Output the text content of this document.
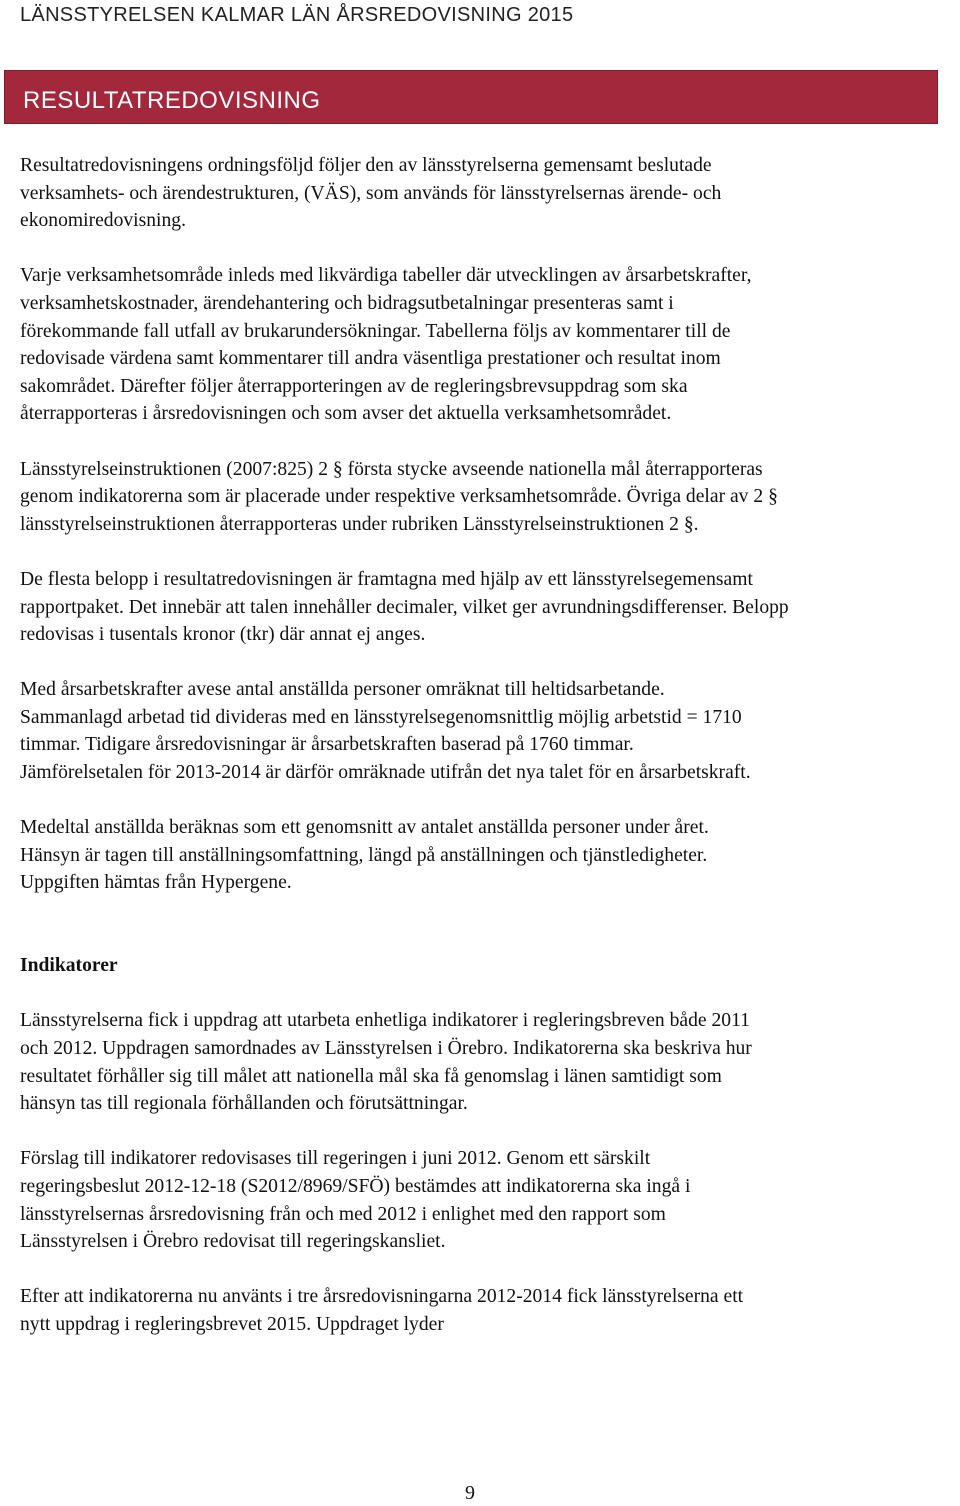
LÄNSSTYRELSEN KALMAR LÄN ÅRSREDOVISNING 2015
RESULTATREDOVISNING

Resultatredovisningens ordningsföljd följer den av länsstyrelserna gemensamt beslutade
verksamhets- och ärendestrukturen, (VÄS), som används för länsstyrelsernas ärende- och
ekonomiredovisning.

Varje verksamhetsområde inleds med likvärdiga tabeller där utvecklingen av årsarbetskrafter,
verksamhetskostnader, ärendehantering och bidragsutbetalningar presenteras samt i
förekommande fall utfall av brukarundersökningar. Tabellerna följs av kommentarer till de
redovisade värdena samt kommentarer till andra väsentliga prestationer och resultat inom
sakområdet. Därefter följer återrapporteringen av de regleringsbrevsuppdrag som ska
återrapporteras i årsredovisningen och som avser det aktuella verksamhetsområdet.

Länsstyrelseinstruktionen (2007:825) 2 § första stycke avseende nationella mål återrapporteras
genom indikatorerna som är placerade under respektive verksamhetsområde. Övriga delar av 2 §
länsstyrelseinstruktionen återrapporteras under rubriken Länsstyrelseinstruktionen 2 §.

De flesta belopp i resultatredovisningen är framtagna med hjälp av ett länsstyrelsegemensamt
rapportpaket. Det innebär att talen innehåller decimaler, vilket ger avrundningsdifferenser. Belopp
redovisas i tusentals kronor (tkr) där annat ej anges.

Med årsarbetskrafter avese antal anställda personer omräknat till heltidsarbetande.
Sammanlagd arbetad tid divideras med en länsstyrelsegenomsnittlig möjlig arbetstid = 1710
timmar. Tidigare årsredovisningar är årsarbetskraften baserad på 1760 timmar.
Jämförelsetalen för 2013-2014 är därför omräknade utifrån det nya talet för en årsarbetskraft.

Medeltal anställda beräknas som ett genomsnitt av antalet anställda personer under året.
Hänsyn är tagen till anställningsomfattning, längd på anställningen och tjänstledigheter.
Uppgiften hämtas från Hypergene.

Indikatorer

Länsstyrelserna fick i uppdrag att utarbeta enhetliga indikatorer i regleringsbreven både 2011
och 2012. Uppdragen samordnades av Länsstyrelsen i Örebro. Indikatorerna ska beskriva hur
resultatet förhåller sig till målet att nationella mål ska få genomslag i länen samtidigt som
hänsyn tas till regionala förhållanden och förutsättningar.

Förslag till indikatorer redovisases till regeringen i juni 2012. Genom ett särskilt
regeringsbeslut 2012-12-18 (S2012/8969/SFÖ) bestämdes att indikatorerna ska ingå i
länsstyrelsernas årsredovisning från och med 2012 i enlighet med den rapport som
Länsstyrelsen i Örebro redovisat till regeringskansliet.

Efter att indikatorerna nu använts i tre årsredovisningarna 2012-2014 fick länsstyrelserna ett
nytt uppdrag i regleringsbrevet 2015. Uppdraget lyder

9
